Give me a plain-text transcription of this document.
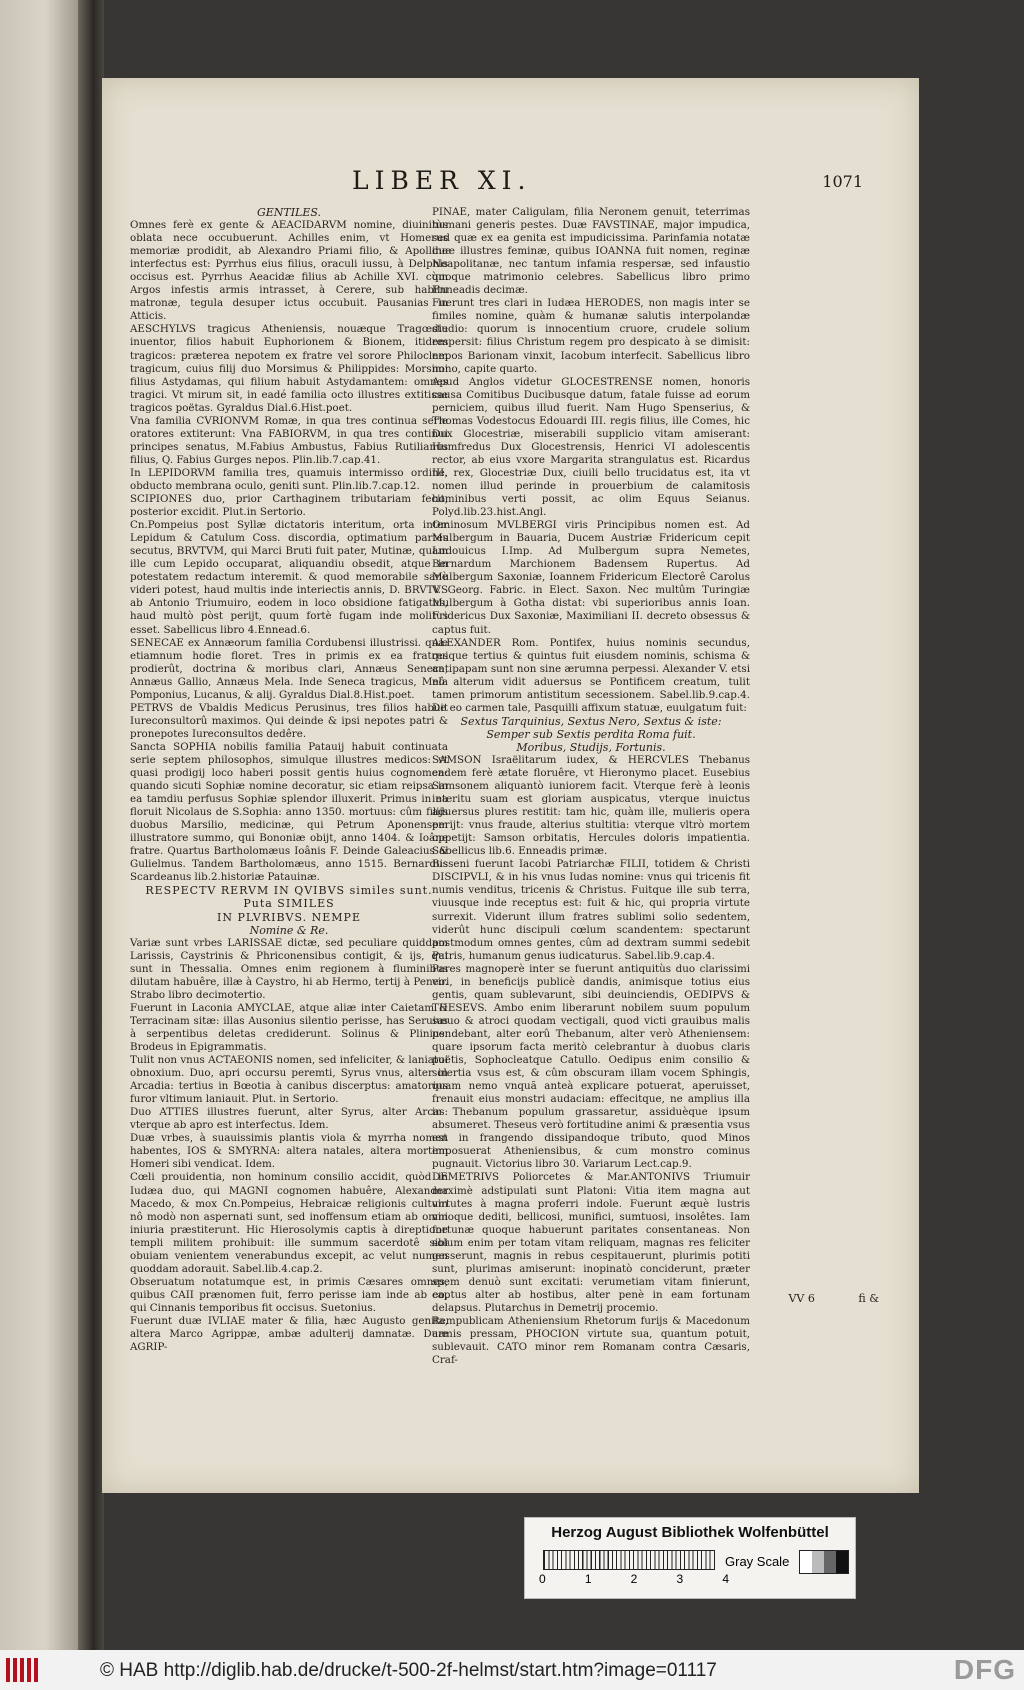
LIBER XI.	1071

GENTILES.

Omnes ferè ex gente & AEACIDARVM nomine, diuinitùs oblata nece occubuerunt. Achilles enim, vt Homerus memoriæ prodidit, ab Alexandro Priami filio, & Apolline interfectus est: Pyrrhus eius filius, oraculi iussu, à Delphis occisus est. Pyrrhus Aeacidæ filius ab Achille XVI. cùm Argos infestis armis intrasset, à Cerere, sub habitu matronæ, tegula desuper ictus occubuit. Pausanias in Atticis.

AESCHYLVS tragicus Atheniensis, nouæque Tragœdie inuentor, filios habuit Euphorionem & Bionem, itidem tragicos: præterea nepotem ex fratre vel sorore Philoclem tragicum, cuius filij duo Morsimus & Philippides: Morsimi filius Astydamas, qui filium habuit Astydamantem: omnes tragici. Vt mirum sit, in eadé familia octo illustres extitisse tragicos poëtas. Gyraldus Dial.6.Hist.poet.

Vna familia CVRIONVM Romæ, in qua tres continua serie oratores extiterunt: Vna FABIORVM, in qua tres continui principes senatus, M.Fabius Ambustus, Fabius Rutilianus filius, Q. Fabius Gurges nepos. Plin.lib.7.cap.41.

In LEPIDORVM familia tres, quamuis intermisso ordine, obducto membrana oculo, geniti sunt. Plin.lib.7.cap.12.

SCIPIONES duo, prior Carthaginem tributariam fecit, posterior excidit. Plut.in Sertorio.

Cn.Pompeius post Syllæ dictatoris interitum, orta inter Lepidum & Catulum Coss. discordia, optimatium partes secutus, BRVTVM, qui Marci Bruti fuit pater, Mutinæ, quam ille cum Lepido occuparat, aliquandiu obsedit, atque in potestatem redactum interemit. & quod memorabile sanè videri potest, haud multis inde interiectis annis, D. BRVTVS ab Antonio Triumuiro, eodem in loco obsidione fatigatus, haud multò pòst perijt, quum fortè fugam inde molitus esset. Sabellicus libro 4.Ennead.6.

SENECAE ex Annæorum familia Cordubensi illustrissi. quæ etiamnum hodie floret. Tres in primis ex ea fratres prodierût, doctrina & moribus clari, Annæus Seneca, Annæus Gallio, Annæus Mela. Inde Seneca tragicus, Mela Pomponius, Lucanus, & alij. Gyraldus Dial.8.Hist.poet.

PETRVS de Vbaldis Medicus Perusinus, tres filios habuit Iureconsultorû maximos. Qui deinde & ipsi nepotes patri & pronepotes Iureconsultos dedêre.

Sancta SOPHIA nobilis familia Patauij habuit continuata serie septem philosophos, simulque illustres medicos: vt quasi prodigij loco haberi possit gentis huius cognomen: quando sicuti Sophiæ nomine decoratur, sic etiam reipsa in ea tamdiu perfusus Sophiæ splendor illuxerit. Primus in ea floruit Nicolaus de S.Sophia: anno 1350. mortuus: cûm filijs duobus Marsilio, medicinæ, qui Petrum Aponensem illustratore summo, qui Bononiæ obijt, anno 1404. & Ioâne fratre. Quartus Bartholomæus Ioânis F. Deinde Galeacius & Gulielmus. Tandem Bartholomæus, anno 1515. Bernardus Scardeanus lib.2.historiæ Patauinæ.

RESPECTV RERVM IN QVIBVS similes sunt. Puta SIMILES

IN PLVRIBVS. NEMPE

Nomine & Re.

Variæ sunt vrbes LARISSAE dictæ, sed peculiare quiddam Larissis, Caystrinis & Phriconensibus contigit, & ijs, qui sunt in Thessalia. Omnes enim regionem à fluminibus dilutam habuêre, illæ à Caystro, hi ab Hermo, tertij à Peneo. Strabo libro decimotertio.

Fuerunt in Laconia AMYCLAE, atque aliæ inter Caietam & Terracinam sitæ: illas Ausonius silentio perisse, has Seruius à serpentibus deletas crediderunt. Solinus & Plinius. Brodeus in Epigrammatis.

Tulit non vnus ACTAEONIS nomen, sed infeliciter, & laniatui obnoxium. Duo, apri occursu peremti, Syrus vnus, alter in Arcadia: tertius in Bœotia à canibus discerptus: amatorius furor vltimum laniauit. Plut. in Sertorio.

Duo ATTIES illustres fuerunt, alter Syrus, alter Arcas: vterque ab apro est interfectus. Idem.

Duæ vrbes, à suauissimis plantis viola & myrrha nomen habentes, IOS & SMYRNA: altera natales, altera mortem Homeri sibi vendicat. Idem.

Cœli prouidentia, non hominum consilio accidit, quòd in Iudæa duo, qui MAGNI cognomen habuêre, Alexander Macedo, & mox Cn.Pompeius, Hebraicæ religionis cultum nô modò non aspernati sunt, sed inoffensum etiam ab omni iniuria præstiterunt. Hic Hierosolymis captis à direptione templi militem prohibuit: ille summum sacerdotê sibi obuiam venientem venerabundus excepit, ac velut numen quoddam adorauit. Sabel.lib.4.cap.2.

Obseruatum notatumque est, in primis Cæsares omnes, quibus CAII prænomen fuit, ferro perisse iam inde ab eo, qui Cinnanis temporibus fit occisus. Suetonius.

Fuerunt duæ IVLIAE mater & filia, hæc Augusto genita, altera Marco Agrippæ, ambæ adulterij damnatæ. Duæ AGRIP-

PINAE, mater Caligulam, filia Neronem genuit, teterrimas humani generis pestes. Duæ FAVSTINAE, major impudica, sed quæ ex ea genita est impudicissima. Parinfamia notatæ duæ illustres feminæ, quibus IOANNA fuit nomen, reginæ Neapolitanæ, nec tantum infamia respersæ, sed infaustio quoque matrimonio celebres. Sabellicus libro primo Enneadis decimæ.

Fuerunt tres clari in Iudæa HERODES, non magis inter se fimiles nomine, quàm & humanæ salutis interpolandæ studio: quorum is innocentium cruore, crudele solium respersit: filius Christum regem pro despicato à se dimisit: nepos Barionam vinxit, Iacobum interfecit. Sabellicus libro nono, capite quarto.

Apud Anglos videtur GLOCESTRENSE nomen, honoris causa Comitibus Ducibusque datum, fatale fuisse ad eorum perniciem, quibus illud fuerit. Nam Hugo Spenserius, & Thomas Vodestocus Edouardi III. regis filius, ille Comes, hic Dux Glocestriæ, miserabili supplicio vitam amiserant: Humfredus Dux Glocestrensis, Henrici VI adolescentis rector, ab eius vxore Margarita strangulatus est. Ricardus III. rex, Glocestriæ Dux, ciuili bello trucidatus est, ita vt nomen illud perinde in prouerbium de calamitosis hominibus verti possit, ac olim Equus Seianus. Polyd.lib.23.hist.Angl.

Ominosum MVLBERGI viris Principibus nomen est. Ad Mulbergum in Bauaria, Ducem Austriæ Fridericum cepit Ludouicus I.Imp. Ad Mulbergum supra Nemetes, Bernardum Marchionem Badensem Rupertus. Ad Mulbergum Saxoniæ, Ioannem Fridericum Electorê Carolus V. Georg. Fabric. in Elect. Saxon. Nec multûm Turingiæ Mulbergum à Gotha distat: vbi superioribus annis Ioan. Fridericus Dux Saxoniæ, Maximiliani II. decreto obsessus & captus fuit.

ALEXANDER Rom. Pontifex, huius nominis secundus, quique tertius & quintus fuit eiusdem nominis, schisma & antipapam sunt non sine ærumna perpessi. Alexander V. etsi nô alterum vidit aduersus se Pontificem creatum, tulit tamen primorum antistitum secessionem. Sabel.lib.9.cap.4. De eo carmen tale, Pasquilli affixum statuæ, euulgatum fuit:

Sextus Tarquinius, Sextus Nero, Sextus & iste:

Semper sub Sextis perdita Roma fuit.

Moribus, Studijs, Fortunis.

SAMSON Israëlitarum iudex, & HERCVLES Thebanus eadem ferè ætate floruêre, vt Hieronymo placet. Eusebius Samsonem aliquantò iuniorem facit. Vterque ferè à leonis interitu suam est gloriam auspicatus, vterque inuictus aduersus plures restitit: tam hic, quàm ille, mulieris opera perijt: vnus fraude, alterius stultitia: vterque vltrò mortem oppetijt: Samson orbitatis, Hercules doloris impatientia. Sabellicus lib.6. Enneadis primæ.

Bisseni fuerunt Iacobi Patriarchæ FILII, totidem & Christi DISCIPVLI, & in his vnus Iudas nomine: vnus qui tricenis fit numis venditus, tricenis & Christus. Fuitque ille sub terra, viuusque inde receptus est: fuit & hic, qui propria virtute surrexit. Viderunt illum fratres sublimi solio sedentem, viderût hunc discipuli cœlum scandentem: spectarunt postmodum omnes gentes, cûm ad dextram summi sedebit Patris, humanum genus iudicaturus. Sabel.lib.9.cap.4.

Pares magnoperè inter se fuerunt antiquitùs duo clarissimi viri, in beneficijs publicè dandis, animisque totius eius gentis, quam sublevarunt, sibi deuinciendis, OEDIPVS & THESEVS. Ambo enim liberarunt nobilem suum populum sæuo & atroci quodam vectigali, quod victi grauibus malis pendebant, alter eorû Thebanum, alter verò Atheniensem: quare ipsorum facta meritò celebrantur à duobus claris poëtis, Sophocleatque Catullo. Oedipus enim consilio & solertia vsus est, & cûm obscuram illam vocem Sphingis, quam nemo vnquã anteà explicare potuerat, aperuisset, frenauit eius monstri audaciam: effecitque, ne amplius illa in Thebanum populum grassaretur, assiduèque ipsum absumeret. Theseus verò fortitudine animi & præsentia vsus est in frangendo dissipandoque tributo, quod Minos imposuerat Atheniensibus, & cum monstro cominus pugnauit. Victorius libro 30. Variarum Lect.cap.9.

DEMETRIVS Poliorcetes & Mar.ANTONIVS Triumuir maximè adstipulati sunt Platoni: Vitia item magna aut virtutes à magna proferri indole. Fuerunt æquè lustris vinoque dediti, bellicosi, munifici, sumtuosi, insolêtes. Iam fortunæ quoque habuerunt paritates consentaneas. Non solum enim per totam vitam reliquam, magnas res feliciter gesserunt, magnis in rebus cespitauerunt, plurimis potiti sunt, plurimas amiserunt: inopinatò conciderunt, præter spem denuò sunt excitati: verumetiam vitam finierunt, captus alter ab hostibus, alter penè in eam fortunam delapsus. Plutarchus in Demetrij procemio.

Rempublicam Atheniensium Rhetorum furijs & Macedonum armis pressam, PHOCION virtute sua, quantum potuit, sublevauit. CATO minor rem Romanam contra Cæsaris, Craf-

VV 6	fi &
Herzog August Bibliothek Wolfenbüttel
0	1	2	3	4
Gray Scale
© HAB http://diglib.hab.de/drucke/t-500-2f-helmst/start.htm?image=01117	DFG
